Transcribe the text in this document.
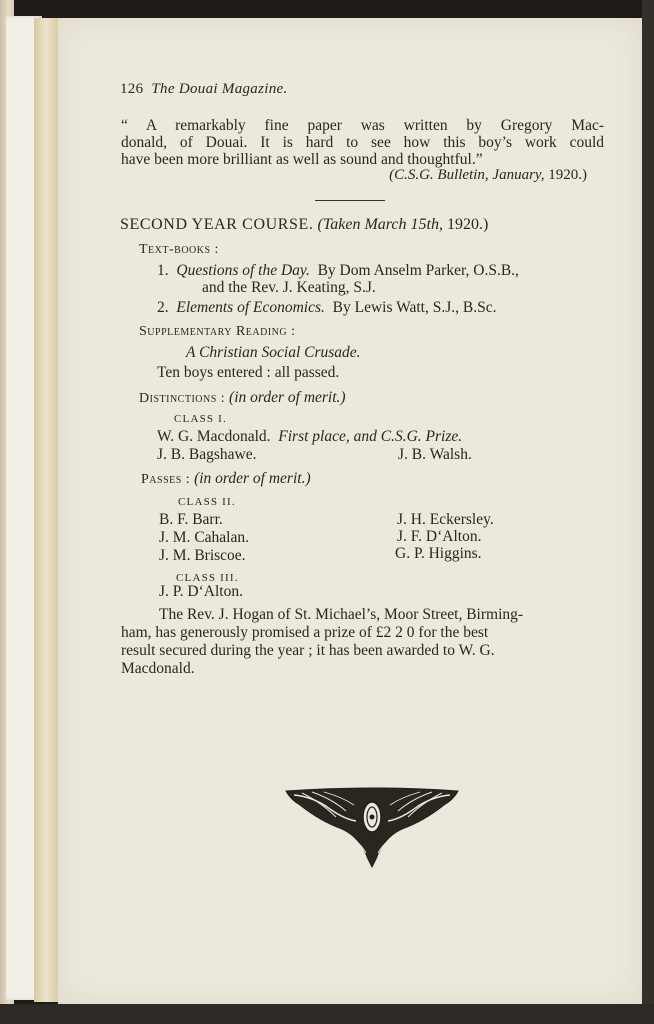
126 The Douai Magazine.
“ A remarkably fine paper was written by Gregory Mac-
donald, of Douai. It is hard to see how this boy’s work could
have been more brilliant as well as sound and thoughtful.”
(C.S.G. Bulletin, January, 1920.)
SECOND YEAR COURSE. (Taken March 15th, 1920.)
Text-books :
1. Questions of the Day. By Dom Anselm Parker, O.S.B.,
and the Rev. J. Keating, S.J.
2. Elements of Economics. By Lewis Watt, S.J., B.Sc.
Supplementary Reading :
A Christian Social Crusade.
Ten boys entered : all passed.
Distinctions : (in order of merit.)
CLASS I.
W. G. Macdonald. First place, and C.S.G. Prize.
J. B. Bagshawe.	J. B. Walsh.
Passes : (in order of merit.)
CLASS II.
B. F. Barr.
J. M. Cahalan.
J. M. Briscoe.
J. H. Eckersley.
J. F. D‘Alton.
G. P. Higgins.
CLASS III.
J. P. D‘Alton.
The Rev. J. Hogan of St. Michael’s, Moor Street, Birming-
ham, has generously promised a prize of £2 2 0 for the best
result secured during the year ; it has been awarded to W. G.
Macdonald.
